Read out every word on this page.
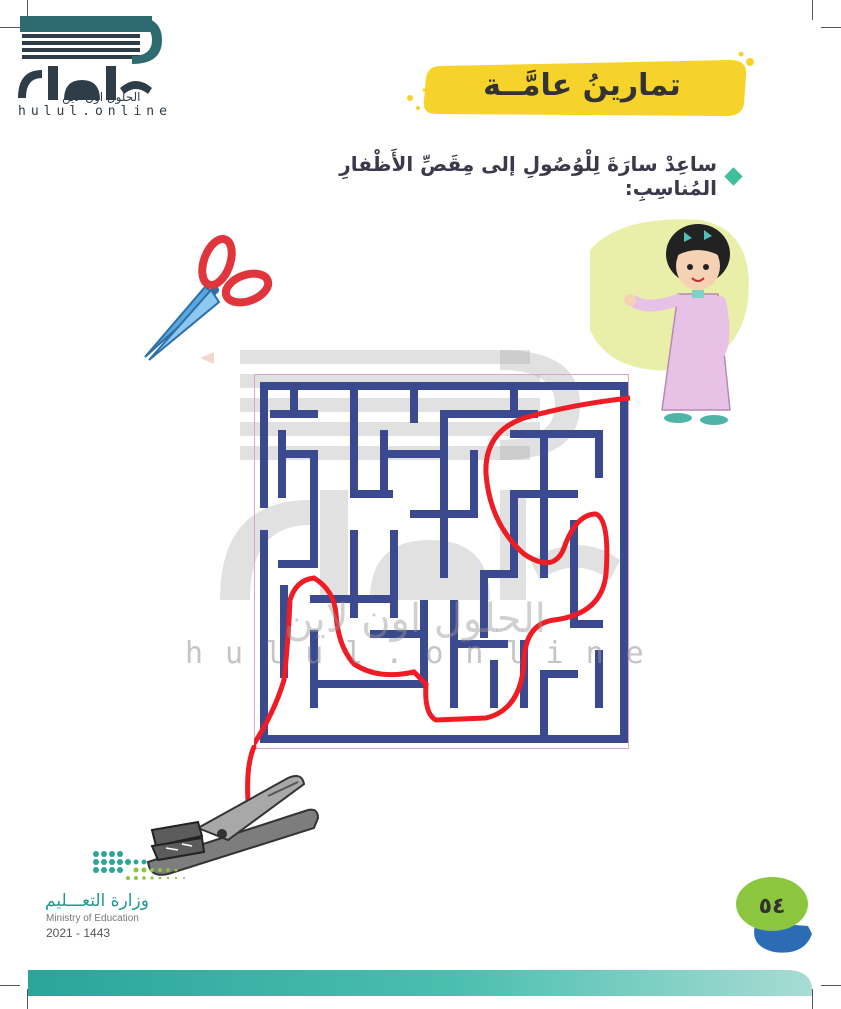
الحلول اون لاين
hulul.online
تمارينُ عامَّــة
ساعِدْ سارَةَ لِلْوُصُولِ إلى مِقَصِّ الأَظْفارِ المُناسِبِ:
الحلول اون لاين
hulul.online
وزارة التعـــليم
Ministry of Education
2021 - 1443
٥٤
